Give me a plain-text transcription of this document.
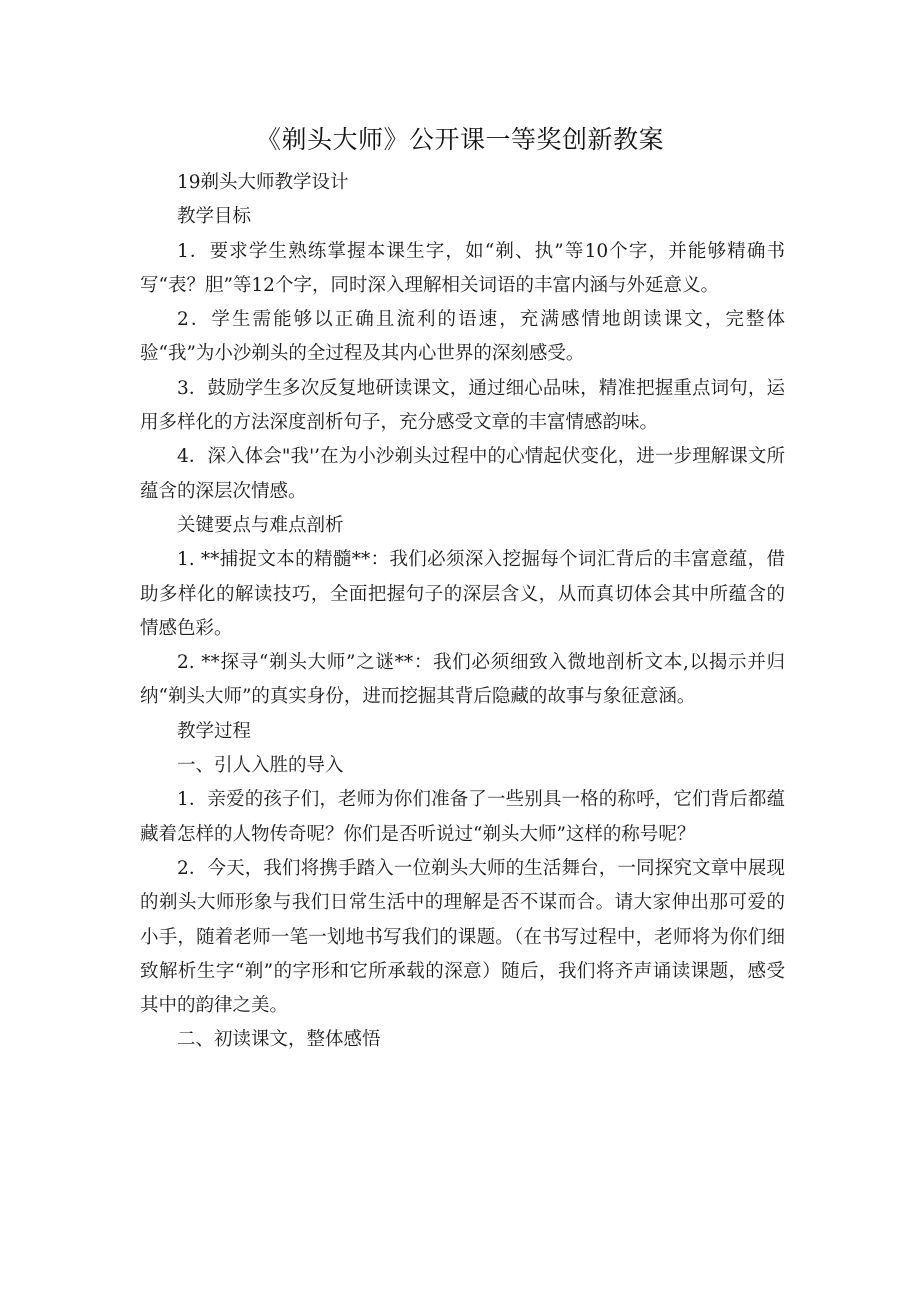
《剃头大师》公开课一等奖创新教案

19剃头大师教学设计

教学目标

1．要求学生熟练掌握本课生字，如“剃、执”等10个字，并能够精确书写“表？胆”等12个字，同时深入理解相关词语的丰富内涵与外延意义。

2．学生需能够以正确且流利的语速，充满感情地朗读课文，完整体验“我”为小沙剃头的全过程及其内心世界的深刻感受。

3．鼓励学生多次反复地研读课文，通过细心品味，精准把握重点词句，运用多样化的方法深度剖析句子，充分感受文章的丰富情感韵味。

4．深入体会"我'’在为小沙剃头过程中的心情起伏变化，进一步理解课文所蕴含的深层次情感。

关键要点与难点剖析

1. **捕捉文本的精髓**：我们必须深入挖掘每个词汇背后的丰富意蕴，借助多样化的解读技巧，全面把握句子的深层含义，从而真切体会其中所蕴含的情感色彩。

2. **探寻“剃头大师”之谜**：我们必须细致入微地剖析文本,以揭示并归纳“剃头大师”的真实身份，进而挖掘其背后隐藏的故事与象征意涵。

教学过程

一、引人入胜的导入

1．亲爱的孩子们，老师为你们准备了一些别具一格的称呼，它们背后都蕴藏着怎样的人物传奇呢？你们是否听说过“剃头大师”这样的称号呢？

2．今天，我们将携手踏入一位剃头大师的生活舞台，一同探究文章中展现的剃头大师形象与我们日常生活中的理解是否不谋而合。请大家伸出那可爱的小手，随着老师一笔一划地书写我们的课题。（在书写过程中，老师将为你们细致解析生字“剃”的字形和它所承载的深意）随后，我们将齐声诵读课题，感受其中的韵律之美。

二、初读课文，整体感悟
